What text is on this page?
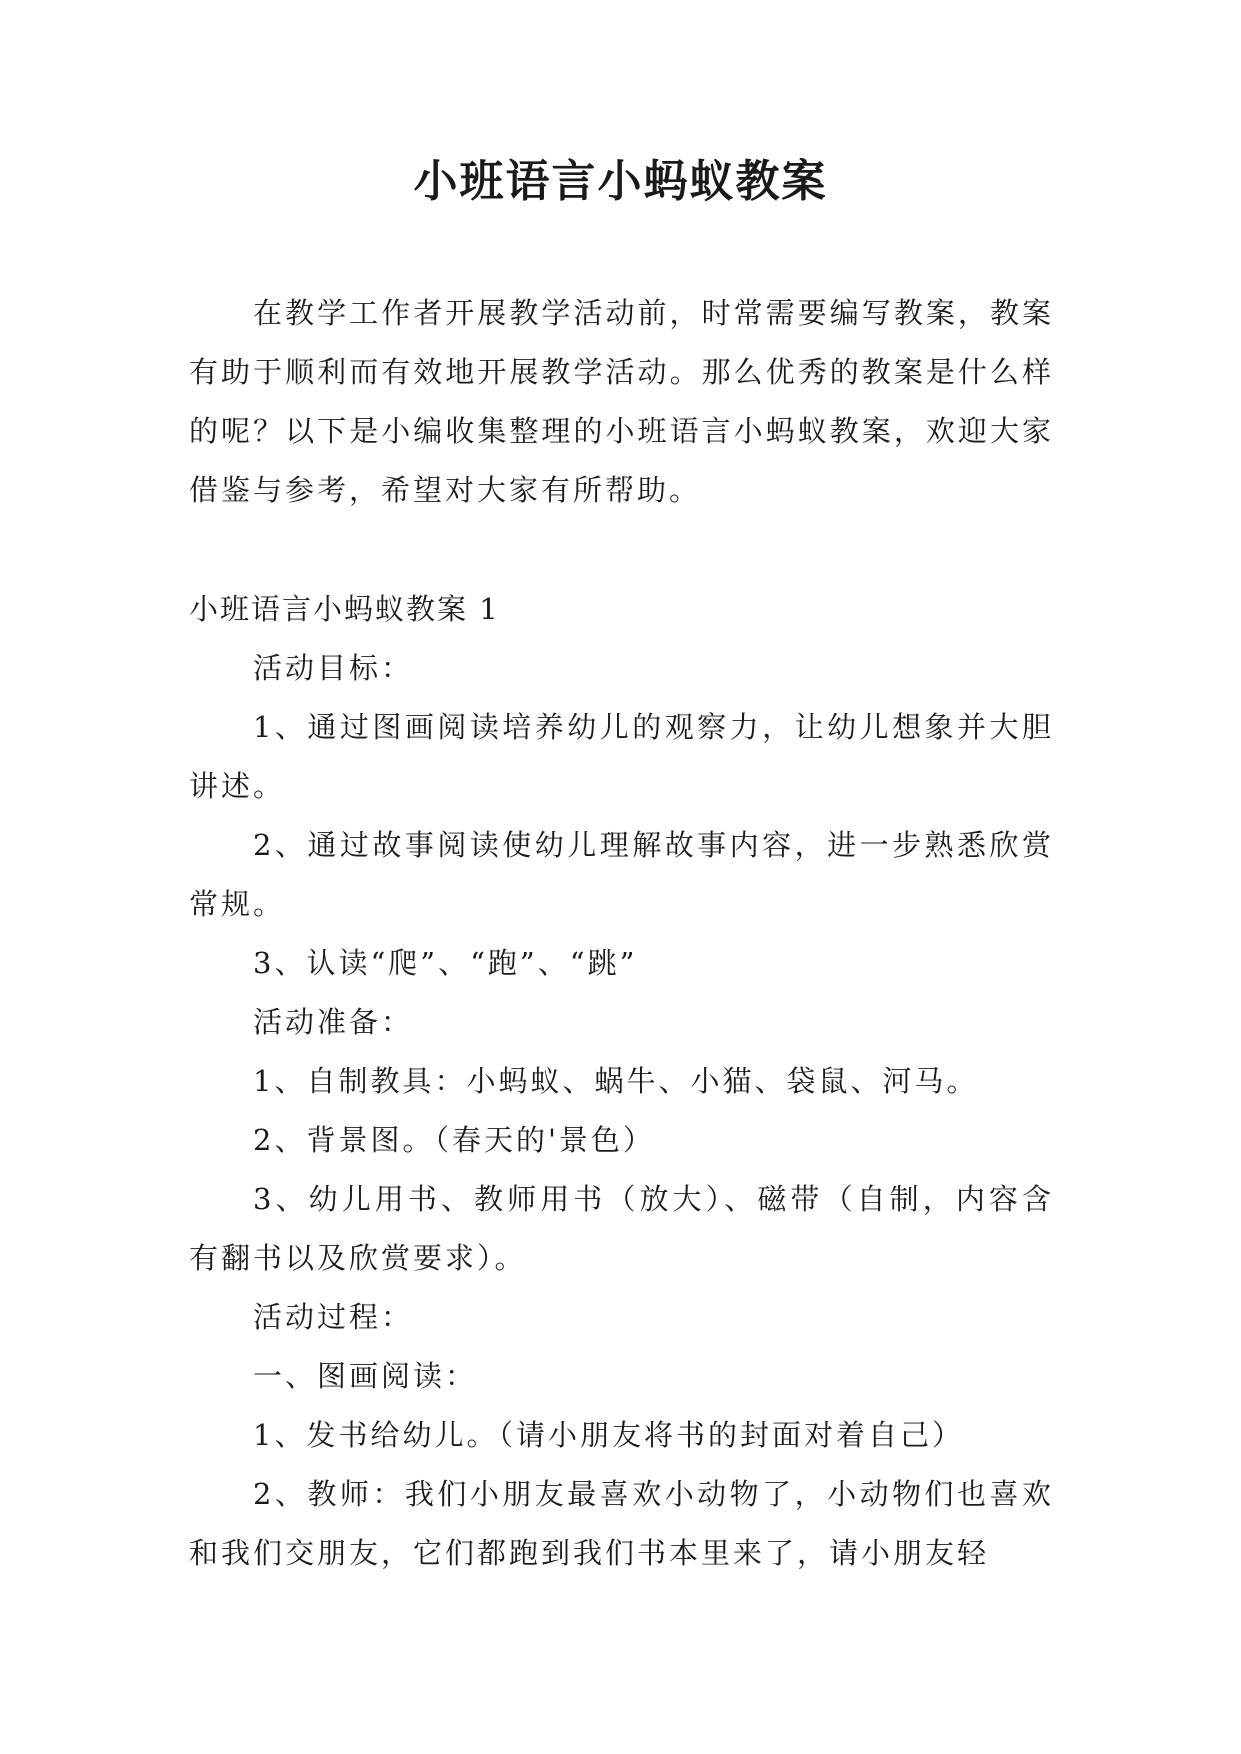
小班语言小蚂蚁教案

在教学工作者开展教学活动前，时常需要编写教案，教案有助于顺利而有效地开展教学活动。那么优秀的教案是什么样的呢？以下是小编收集整理的小班语言小蚂蚁教案，欢迎大家借鉴与参考，希望对大家有所帮助。

小班语言小蚂蚁教案 1

活动目标：

1、通过图画阅读培养幼儿的观察力，让幼儿想象并大胆讲述。

2、通过故事阅读使幼儿理解故事内容，进一步熟悉欣赏常规。

3、认读“爬”、“跑”、“跳”

活动准备：

1、自制教具：小蚂蚁、蜗牛、小猫、袋鼠、河马。

2、背景图。（春天的'景色）

3、幼儿用书、教师用书（放大）、磁带（自制，内容含有翻书以及欣赏要求）。

活动过程：

一、图画阅读：

1、发书给幼儿。（请小朋友将书的封面对着自己）

2、教师：我们小朋友最喜欢小动物了，小动物们也喜欢和我们交朋友，它们都跑到我们书本里来了，请小朋友轻
